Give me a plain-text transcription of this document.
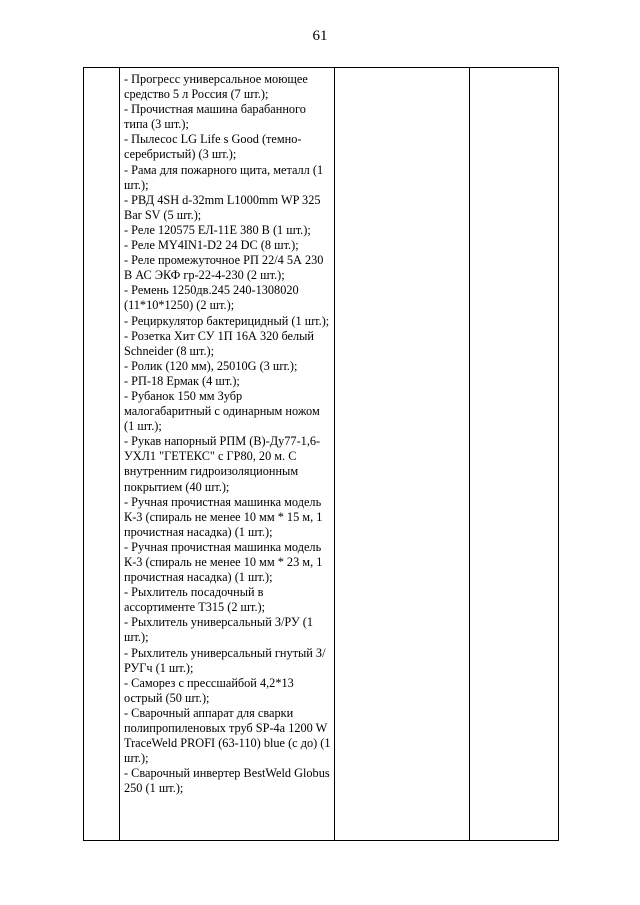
61

- Прогресс универсальное моющее средство 5 л Россия (7 шт.);
- Прочистная машина барабанного типа (3 шт.);
- Пылесос LG Life s Good (темно-серебристый) (3 шт.);
- Рама для пожарного щита, металл (1 шт.);
- РВД 4SH d-32mm L1000mm WP 325 Bar SV (5 шт.);
- Реле 120575 ЕЛ-11Е 380 В (1 шт.);
- Реле MY4IN1-D2 24 DC (8 шт.);
- Реле промежуточное РП 22/4 5А 230 В АС ЭКФ гр-22-4-230 (2 шт.);
- Ремень 1250дв.245 240-1308020 (11*10*1250) (2 шт.);
- Рециркулятор бактерицидный (1 шт.);
- Розетка Хит СУ 1П 16А 320 белый Schneider (8 шт.);
- Ролик (120 мм), 25010G (3 шт.);
- РП-18 Ермак (4 шт.);
- Рубанок 150 мм Зубр малогабаритный с одинарным ножом (1 шт.);
- Рукав напорный РПМ (В)-Ду77-1,6-УХЛ1 "ГЕТЕКС" с ГР80, 20 м. С внутренним гидроизоляционным покрытием (40 шт.);
- Ручная прочистная машинка модель К-3 (спираль не менее 10 мм * 15 м, 1 прочистная насадка) (1 шт.);
- Ручная прочистная машинка модель К-3 (спираль не менее 10 мм * 23 м, 1 прочистная насадка) (1 шт.);
- Рыхлитель посадочный в ассортименте Т315 (2 шт.);
- Рыхлитель универсальный З/РУ (1 шт.);
- Рыхлитель универсальный гнутый З/РУГч (1 шт.);
- Саморез с прессшайбой 4,2*13 острый (50 шт.);
- Сварочный аппарат для сварки полипропиленовых труб SP-4a 1200 W TraceWeld PROFI (63-110) blue (с до) (1 шт.);
- Сварочный инвертер BestWeld Globus 250 (1 шт.);
